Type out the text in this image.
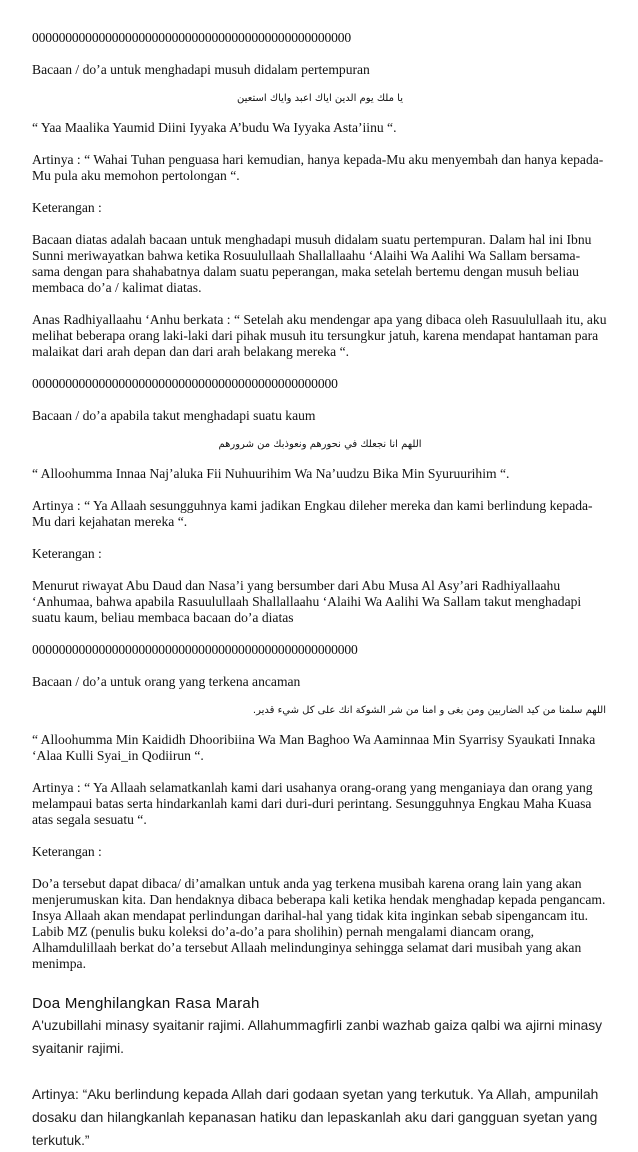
000000000000000000000000000000000000000000000000

Bacaan / do’a untuk menghadapi musuh didalam pertempuran

يا ملك يوم الدين اياك اعبد واياك استعين

“ Yaa Maalika Yaumid Diini Iyyaka A’budu Wa Iyyaka Asta’iinu “.

Artinya : “ Wahai Tuhan penguasa hari kemudian, hanya kepada-Mu aku menyembah dan hanya kepada-Mu pula aku memohon pertolongan “.

Keterangan :

Bacaan diatas adalah bacaan untuk menghadapi musuh didalam suatu pertempuran. Dalam hal ini Ibnu Sunni meriwayatkan bahwa ketika Rosuulullaah Shallallaahu ‘Alaihi Wa Aalihi Wa Sallam bersama-sama dengan para shahabatnya dalam suatu peperangan, maka setelah bertemu dengan musuh beliau membaca do’a / kalimat diatas.

Anas Radhiyallaahu ‘Anhu berkata : “ Setelah aku mendengar apa yang dibaca oleh Rasuulullaah itu, aku melihat beberapa orang laki-laki dari pihak musuh itu tersungkur jatuh, karena mendapat hantaman para malaikat dari arah depan dan dari arah belakang mereka “.

0000000000000000000000000000000000000000000000

Bacaan / do’a apabila takut menghadapi suatu kaum

اللهم انا نجعلك في نحورهم ونعوذبك من شرورهم

“ Alloohumma Innaa Naj’aluka Fii Nuhuurihim Wa Na’uudzu Bika Min Syuruurihim “.

Artinya : “ Ya Allaah sesungguhnya kami jadikan Engkau dileher mereka dan kami berlindung kepada-Mu dari kejahatan mereka “.

Keterangan :

Menurut riwayat Abu Daud dan Nasa’i yang bersumber dari Abu Musa Al Asy’ari Radhiyallaahu ‘Anhumaa, bahwa apabila Rasuulullaah Shallallaahu ‘Alaihi Wa Aalihi Wa Sallam takut menghadapi suatu kaum, beliau membaca bacaan do’a diatas

0000000000000000000000000000000000000000000000000

Bacaan / do’a untuk orang yang terkena ancaman

اللهم سلمنا من كيد الضاربين ومن بغى و امنا من شر الشوكة انك على كل شيء قدير.

“ Alloohumma Min Kaididh Dhooribiina Wa Man Baghoo Wa Aaminnaa Min Syarrisy Syaukati Innaka ‘Alaa Kulli Syai_in Qodiirun “.

Artinya : “ Ya Allaah selamatkanlah kami dari usahanya orang-orang yang menganiaya dan orang yang melampaui batas serta hindarkanlah kami dari duri-duri perintang. Sesungguhnya Engkau Maha Kuasa atas segala sesuatu “.

Keterangan :

Do’a tersebut dapat dibaca/ di’amalkan untuk anda yag terkena musibah karena orang lain yang akan menjerumuskan kita. Dan hendaknya dibaca beberapa kali ketika hendak menghadap kepada pengancam. Insya Allaah akan mendapat perlindungan darihal-hal yang tidak kita inginkan sebab sipengancam itu. Labib MZ (penulis buku koleksi do’a-do’a para sholihin) pernah mengalami diancam orang, Alhamdulillaah berkat do’a tersebut Allaah melindunginya sehingga selamat dari musibah yang akan menimpa.

Doa Menghilangkan Rasa Marah

A'uzubillahi minasy syaitanir rajimi. Allahummagfirli zanbi wazhab gaiza qalbi wa ajirni minasy syaitanir rajimi.

Artinya: “Aku berlindung kepada Allah dari godaan syetan yang terkutuk. Ya Allah, ampunilah dosaku dan hilangkanlah kepanasan hatiku dan lepaskanlah aku dari gangguan syetan yang terkutuk.”
